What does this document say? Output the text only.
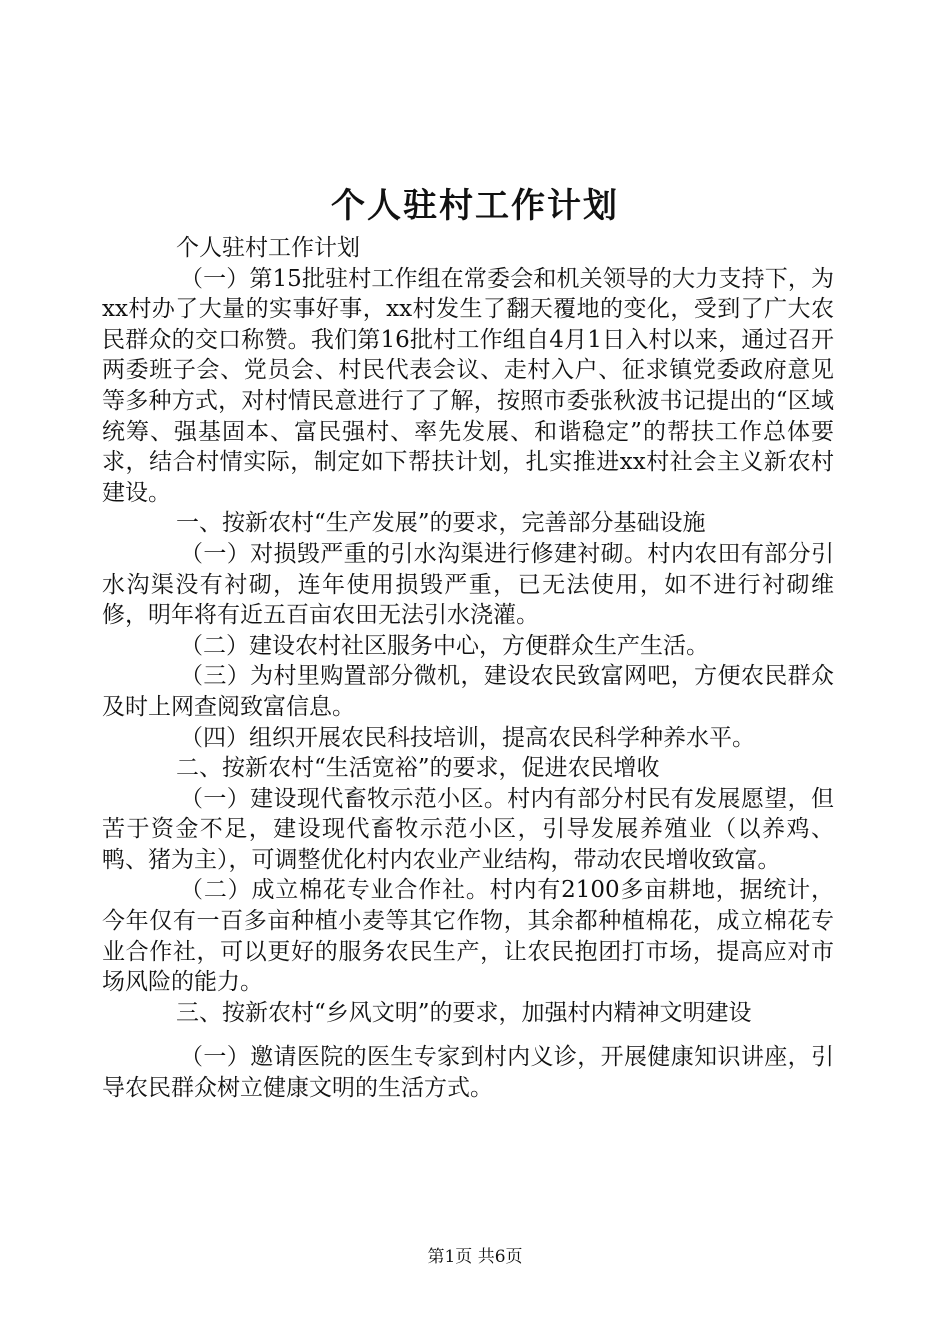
个人驻村工作计划

个人驻村工作计划

（一）第15批驻村工作组在常委会和机关领导的大力支持下，为xx村办了大量的实事好事，xx村发生了翻天覆地的变化，受到了广大农民群众的交口称赞。我们第16批村工作组自4月1日入村以来，通过召开两委班子会、党员会、村民代表会议、走村入户、征求镇党委政府意见等多种方式，对村情民意进行了了解，按照市委张秋波书记提出的“区域统筹、强基固本、富民强村、率先发展、和谐稳定”的帮扶工作总体要求，结合村情实际，制定如下帮扶计划，扎实推进xx村社会主义新农村建设。

一、按新农村“生产发展”的要求，完善部分基础设施

（一）对损毁严重的引水沟渠进行修建衬砌。村内农田有部分引水沟渠没有衬砌，连年使用损毁严重，已无法使用，如不进行衬砌维修，明年将有近五百亩农田无法引水浇灌。

（二）建设农村社区服务中心，方便群众生产生活。

（三）为村里购置部分微机，建设农民致富网吧，方便农民群众及时上网查阅致富信息。

（四）组织开展农民科技培训，提高农民科学种养水平。

二、按新农村“生活宽裕”的要求，促进农民增收

（一）建设现代畜牧示范小区。村内有部分村民有发展愿望，但苦于资金不足，建设现代畜牧示范小区，引导发展养殖业（以养鸡、鸭、猪为主），可调整优化村内农业产业结构，带动农民增收致富。

（二）成立棉花专业合作社。村内有2100多亩耕地，据统计，今年仅有一百多亩种植小麦等其它作物，其余都种植棉花，成立棉花专业合作社，可以更好的服务农民生产，让农民抱团打市场，提高应对市场风险的能力。

三、按新农村“乡风文明”的要求，加强村内精神文明建设

（一）邀请医院的医生专家到村内义诊，开展健康知识讲座，引导农民群众树立健康文明的生活方式。

第1页 共6页
